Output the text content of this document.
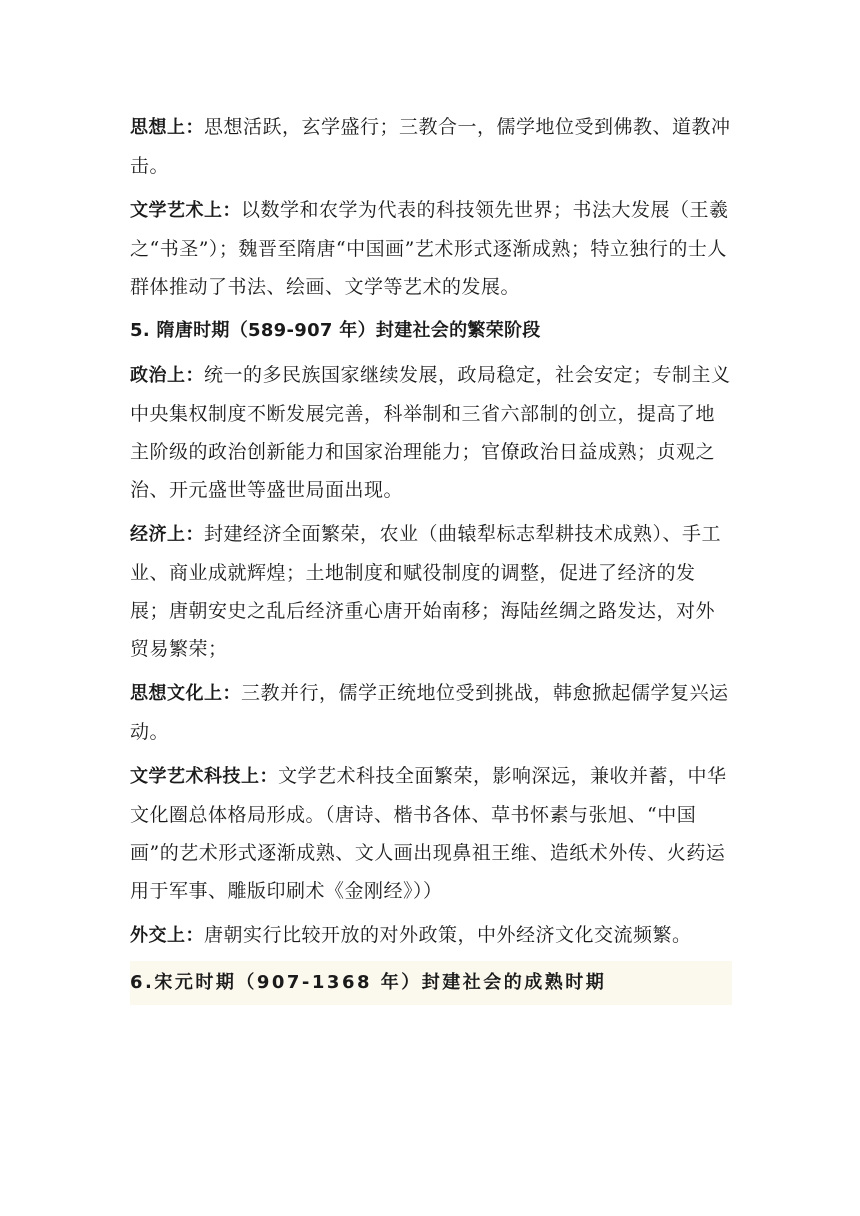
思想上：思想活跃，玄学盛行；三教合一，儒学地位受到佛教、道教冲击。

文学艺术上：以数学和农学为代表的科技领先世界；书法大发展（王羲之“书圣”）；魏晋至隋唐“中国画”艺术形式逐渐成熟；特立独行的士人群体推动了书法、绘画、文学等艺术的发展。

5. 隋唐时期（589-907 年）封建社会的繁荣阶段

政治上：统一的多民族国家继续发展，政局稳定，社会安定；专制主义中央集权制度不断发展完善，科举制和三省六部制的创立，提高了地主阶级的政治创新能力和国家治理能力；官僚政治日益成熟；贞观之治、开元盛世等盛世局面出现。

经济上：封建经济全面繁荣，农业（曲辕犁标志犁耕技术成熟）、手工业、商业成就辉煌；土地制度和赋役制度的调整，促进了经济的发展；唐朝安史之乱后经济重心唐开始南移；海陆丝绸之路发达，对外贸易繁荣；

思想文化上：三教并行，儒学正统地位受到挑战，韩愈掀起儒学复兴运动。

文学艺术科技上：文学艺术科技全面繁荣，影响深远，兼收并蓄，中华文化圈总体格局形成。（唐诗、楷书各体、草书怀素与张旭、“中国画”的艺术形式逐渐成熟、文人画出现鼻祖王维、造纸术外传、火药运用于军事、雕版印刷术《金刚经》））

外交上：唐朝实行比较开放的对外政策，中外经济文化交流频繁。

6.宋元时期（907-1368 年）封建社会的成熟时期
